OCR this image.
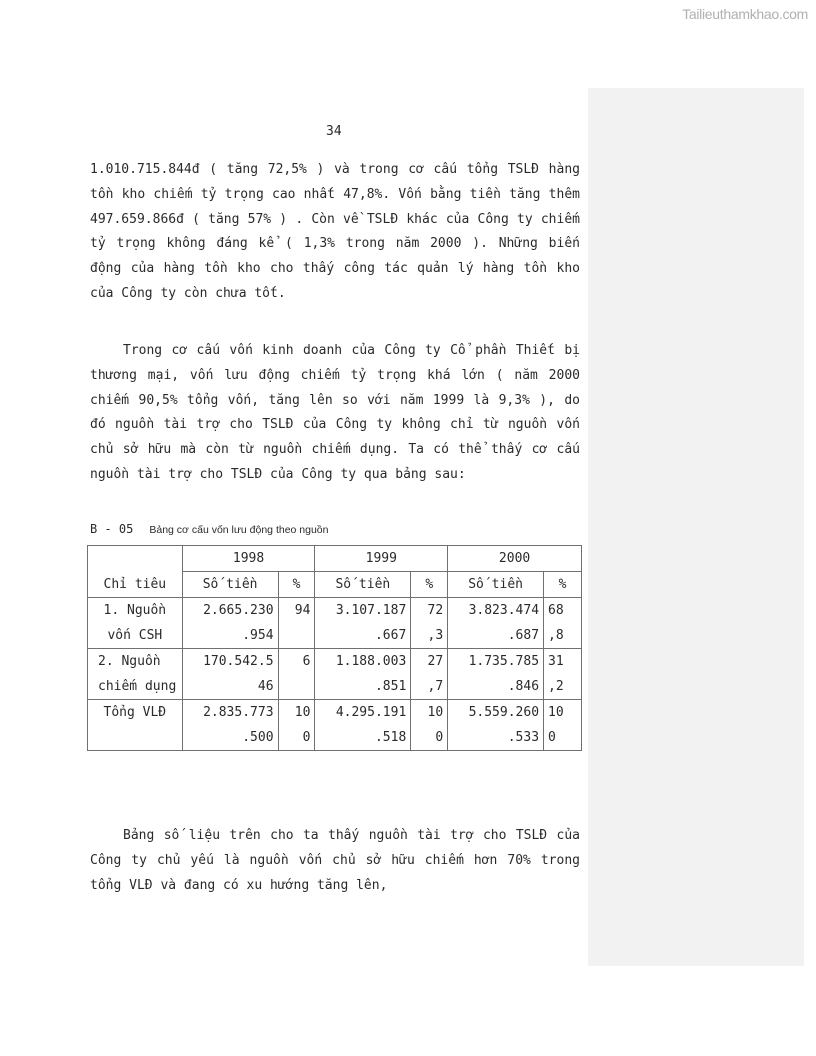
Tailieuthamkhao.com
34

1.010.715.844đ ( tăng 72,5% ) và trong cơ cấu tổng TSLĐ hàng tồn kho chiếm tỷ trọng cao nhất 47,8%. Vốn bằng tiền tăng thêm 497.659.866đ ( tăng 57% ) . Còn về TSLĐ khác của Công ty chiếm tỷ trọng không đáng kể ( 1,3% trong năm 2000 ). Những biến động của hàng tồn kho cho thấy công tác quản lý hàng tồn kho của Công ty còn chưa tốt.

Trong cơ cấu vốn kinh doanh của Công ty Cổ phần Thiết bị thương mại, vốn lưu động chiếm tỷ trọng khá lớn ( năm 2000 chiếm 90,5% tổng vốn, tăng lên so với năm 1999 là 9,3% ), do đó nguồn tài trợ cho TSLĐ của Công ty không chỉ từ nguồn vốn chủ sở hữu mà còn từ nguồn chiếm dụng. Ta có thể thấy cơ cấu nguồn tài trợ cho TSLĐ của Công ty qua bảng sau:

B - 05 Bảng cơ cấu vốn lưu động theo nguồn
Chỉ tiêu	1998		1999		2000	
	Số tiền	%	Số tiền	%	Số tiền	%
1. Nguồn vốn CSH	2.665.230 .954	94	3.107.187 .667	72 ,3	3.823.474 .687	68 ,8
2. Nguồn chiếm dụng	170.542.5 46	6	1.188.003 .851	27 ,7	1.735.785 .846	31 ,2
Tổng VLĐ	2.835.773 .500	10 0	4.295.191 .518	10 0	5.559.260 .533	10 0

Bảng số liệu trên cho ta thấy nguồn tài trợ cho TSLĐ của Công ty chủ yếu là nguồn vốn chủ sở hữu chiếm hơn 70% trong tổng VLĐ và đang có xu hướng tăng lên,
